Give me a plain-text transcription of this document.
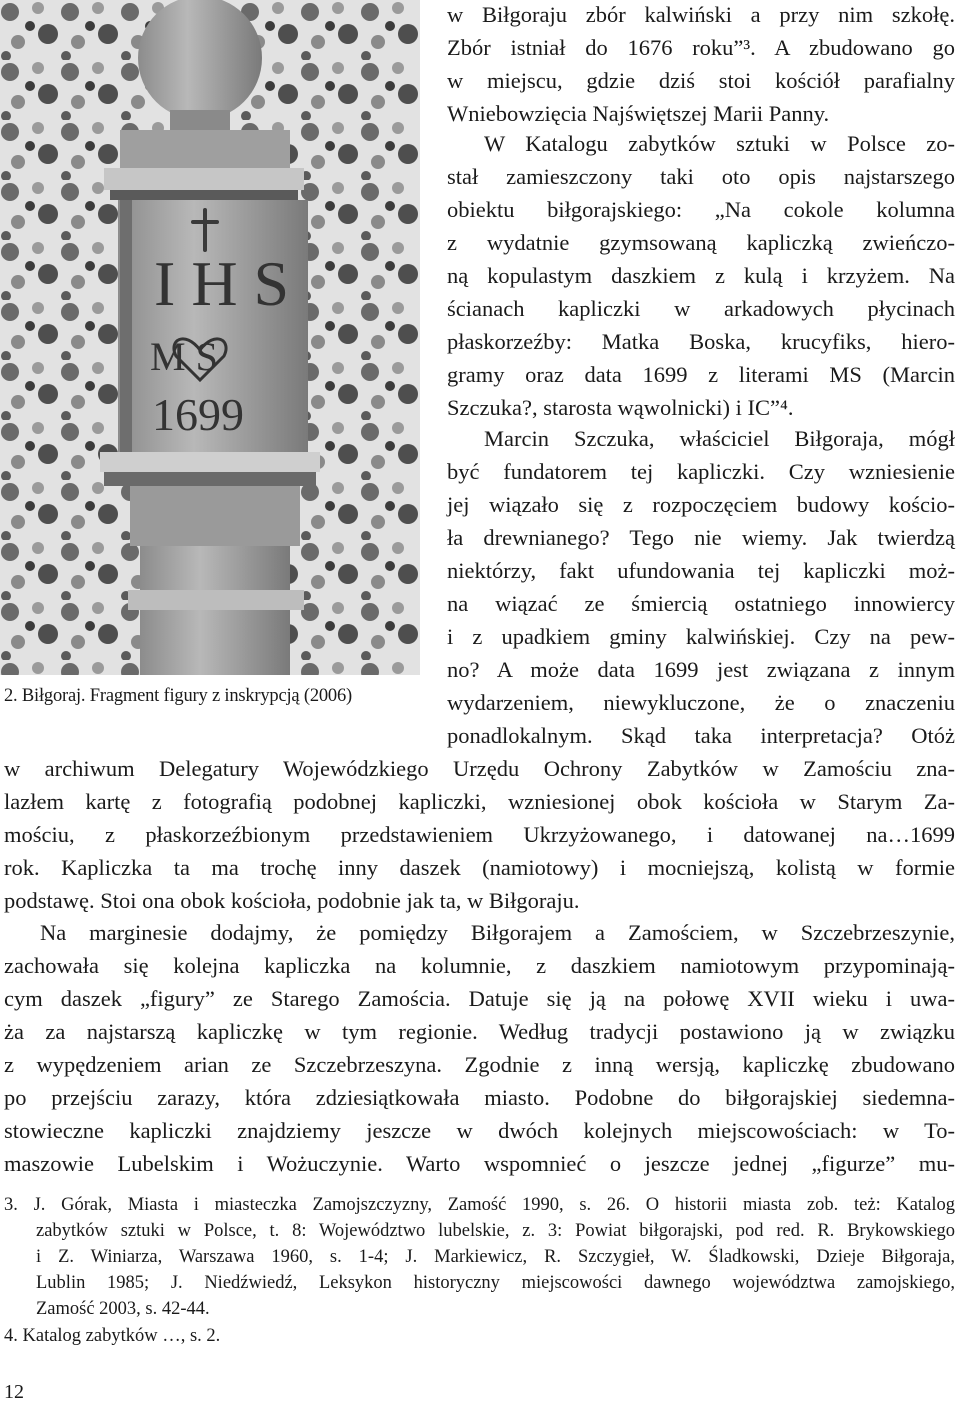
I H S
M S
1699
2. Biłgoraj. Fragment figury z inskrypcją (2006)
w Biłgoraju zbór kalwiński a przy nim szkołę.
Zbór istniał do 1676 roku”³. A zbudowano go
w miejscu, gdzie dziś stoi kościół parafialny
Wniebowzięcia Najświętszej Marii Panny.
W Katalogu zabytków sztuki w Polsce zo-
stał zamieszczony taki oto opis najstarszego
obiektu biłgorajskiego: „Na cokole kolumna
z wydatnie gzymsowaną kapliczką zwieńczo-
ną kopulastym daszkiem z kulą i krzyżem. Na
ścianach kapliczki w arkadowych płycinach
płaskorzeźby: Matka Boska, krucyfiks, hiero-
gramy oraz data 1699 z literami MS (Marcin
Szczuka?, starosta wąwolnicki) i IC”⁴.
Marcin Szczuka, właściciel Biłgoraja, mógł
być fundatorem tej kapliczki. Czy wzniesienie
jej wiązało się z rozpoczęciem budowy kościo-
ła drewnianego? Tego nie wiemy. Jak twierdzą
niektórzy, fakt ufundowania tej kapliczki moż-
na wiązać ze śmiercią ostatniego innowiercy
i z upadkiem gminy kalwińskiej. Czy na pew-
no? A może data 1699 jest związana z innym
wydarzeniem, niewykluczone, że o znaczeniu
ponadlokalnym. Skąd taka interpretacja? Otóż
w archiwum Delegatury Wojewódzkiego Urzędu Ochrony Zabytków w Zamościu zna-
lazłem kartę z fotografią podobnej kapliczki, wzniesionej obok kościoła w Starym Za-
mościu, z płaskorzeźbionym przedstawieniem Ukrzyżowanego, i datowanej na…1699
rok. Kapliczka ta ma trochę inny daszek (namiotowy) i mocniejszą, kolistą w formie
podstawę. Stoi ona obok kościoła, podobnie jak ta, w Biłgoraju.
Na marginesie dodajmy, że pomiędzy Biłgorajem a Zamościem, w Szczebrzeszynie,
zachowała się kolejna kapliczka na kolumnie, z daszkiem namiotowym przypominają-
cym daszek „figury” ze Starego Zamościa. Datuje się ją na połowę XVII wieku i uwa-
ża za najstarszą kapliczkę w tym regionie. Według tradycji postawiono ją w związku
z wypędzeniem arian ze Szczebrzeszyna. Zgodnie z inną wersją, kapliczkę zbudowano
po przejściu zarazy, która zdziesiątkowała miasto. Podobne do biłgorajskiej siedemna-
stowieczne kapliczki znajdziemy jeszcze w dwóch kolejnych miejscowościach: w To-
maszowie Lubelskim i Wożuczynie. Warto wspomnieć o jeszcze jednej „figurze” mu-
3. J. Górak, Miasta i miasteczka Zamojszczyzny, Zamość 1990, s. 26. O historii miasta zob. też: Katalog
zabytków sztuki w Polsce, t. 8: Województwo lubelskie, z. 3: Powiat biłgorajski, pod red. R. Brykowskiego
i Z. Winiarza, Warszawa 1960, s. 1-4; J. Markiewicz, R. Szczygieł, W. Śladkowski, Dzieje Biłgoraja,
Lublin 1985; J. Niedźwiedź, Leksykon historyczny miejscowości dawnego województwa zamojskiego,
Zamość 2003, s. 42-44.
4. Katalog zabytków …, s. 2.
12
